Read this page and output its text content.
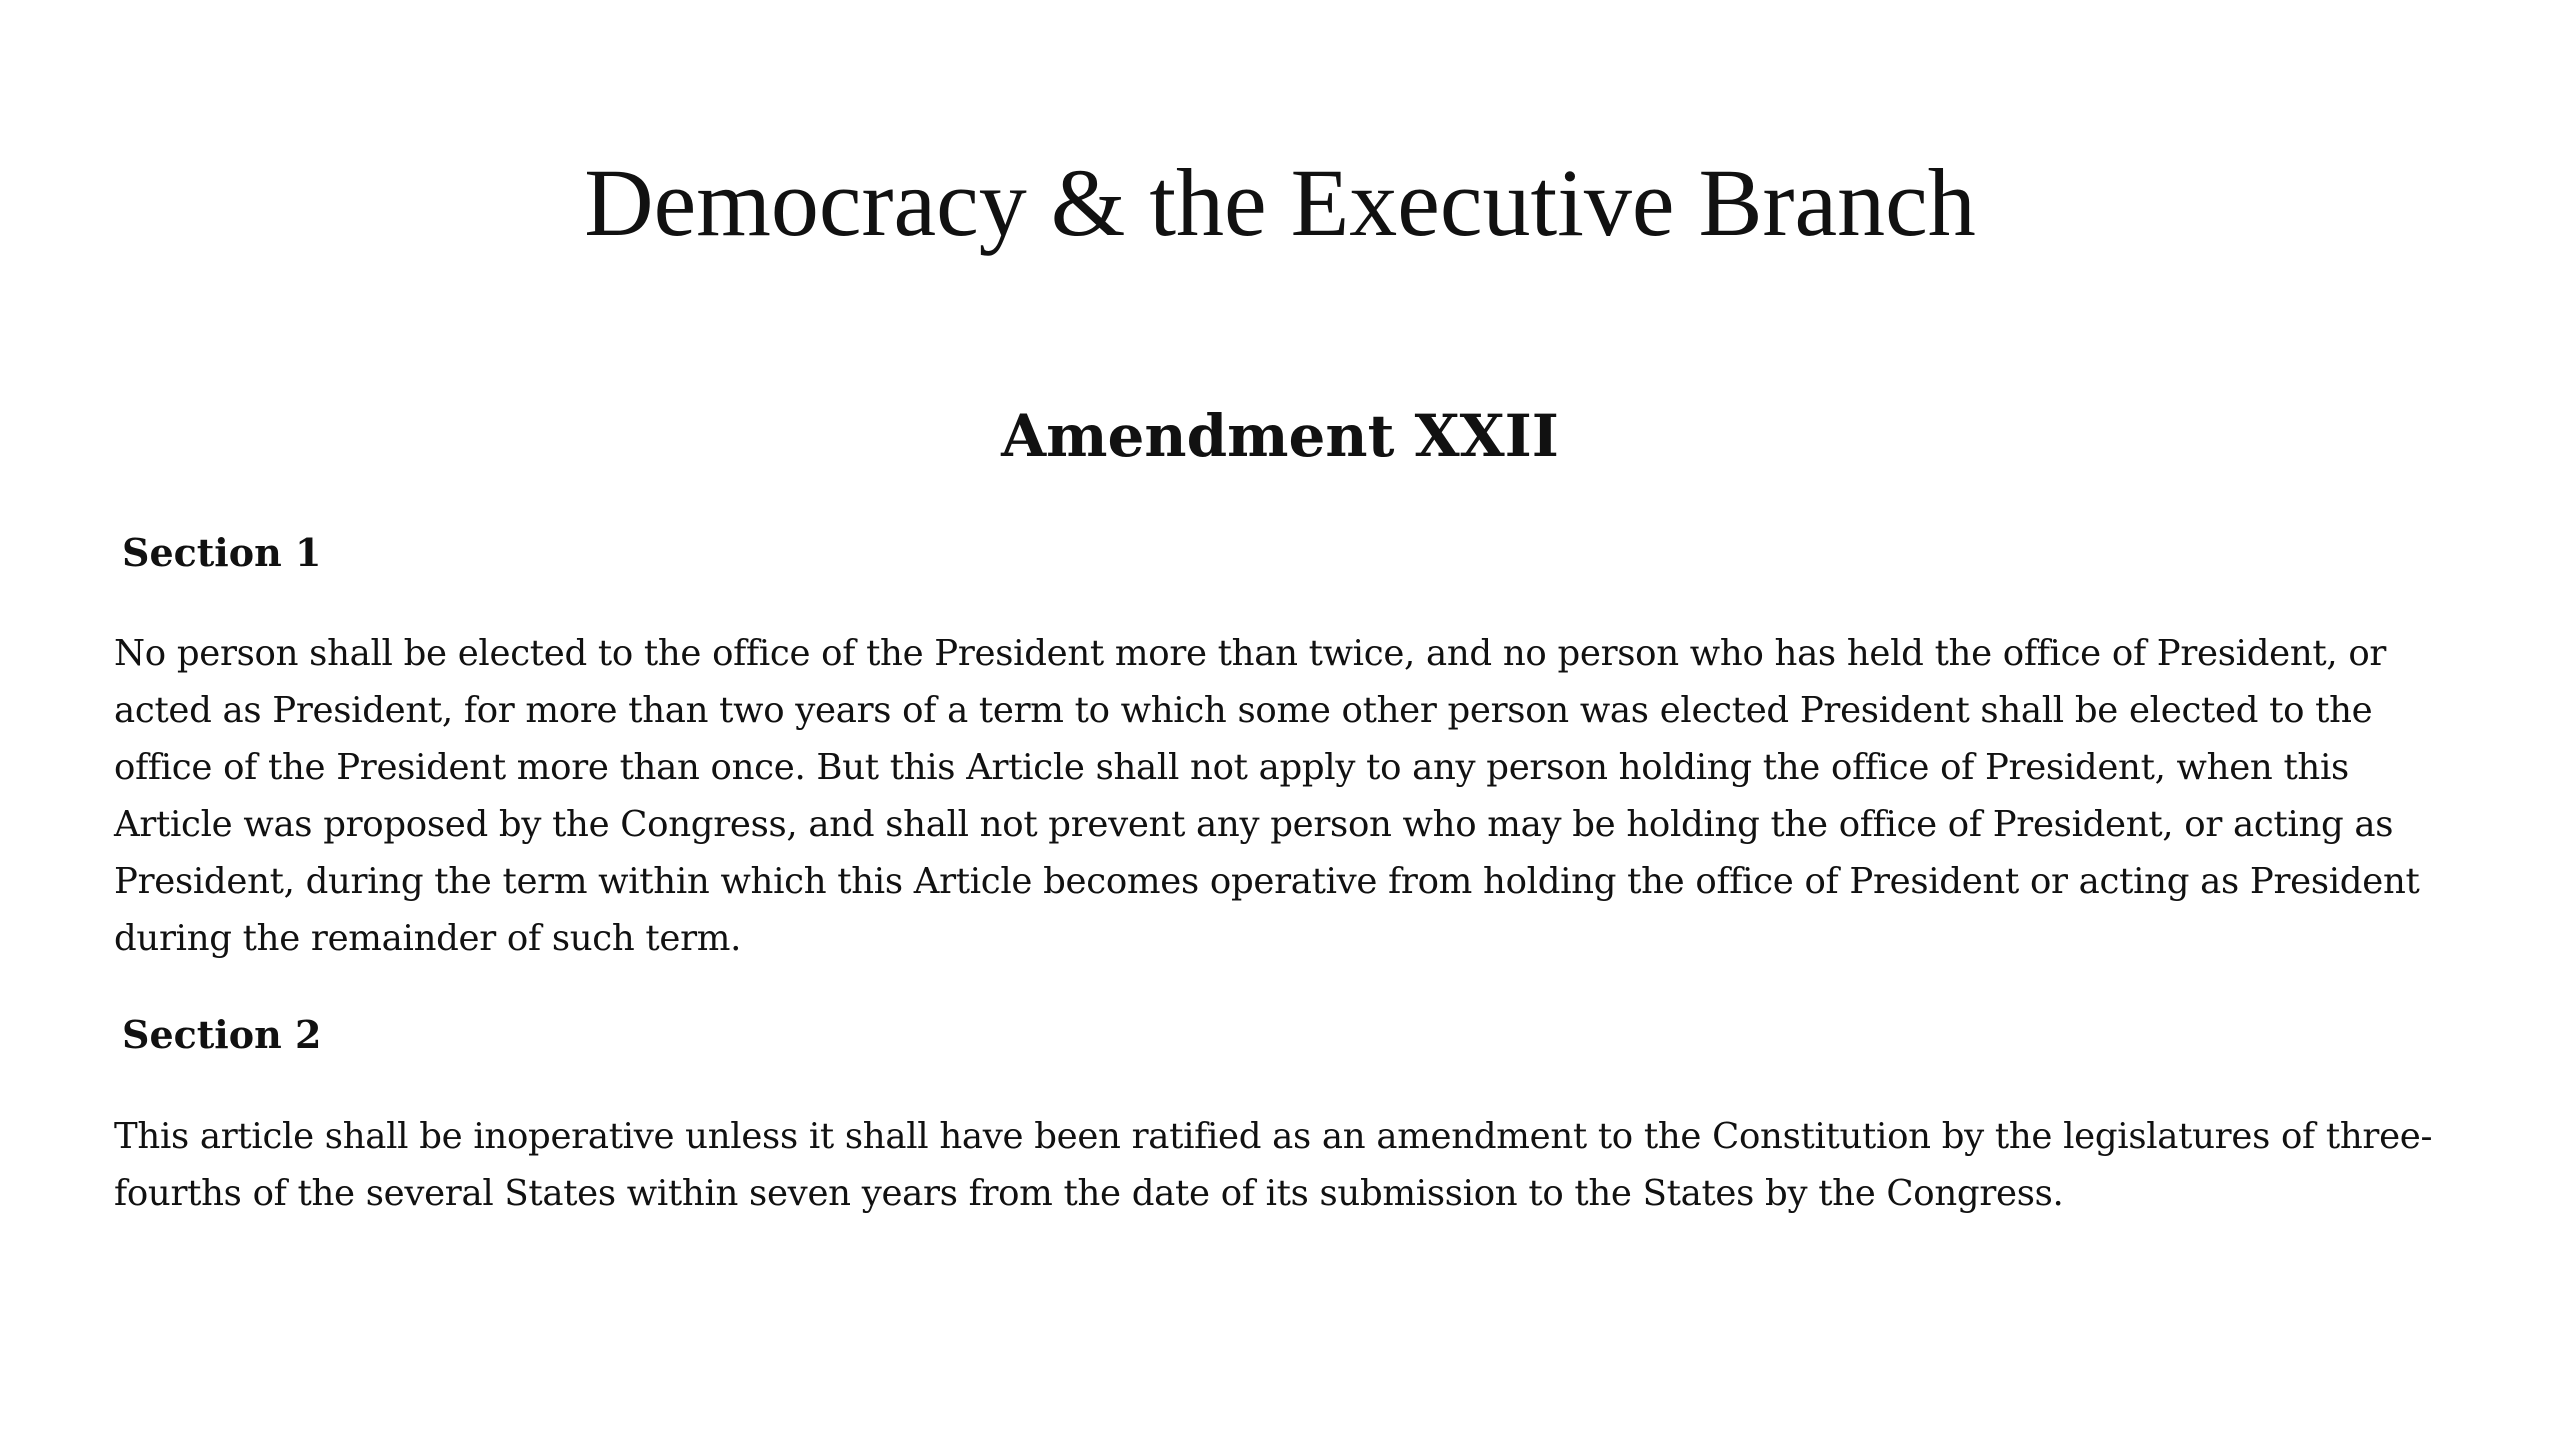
Democracy & the Executive Branch
Amendment XXII
Section 1

No person shall be elected to the office of the President more than twice, and no person who has held the office of President, or acted as President, for more than two years of a term to which some other person was elected President shall be elected to the office of the President more than once. But this Article shall not apply to any person holding the office of President, when this Article was proposed by the Congress, and shall not prevent any person who may be holding the office of President, or acting as President, during the term within which this Article becomes operative from holding the office of President or acting as President during the remainder of such term.

Section 2

This article shall be inoperative unless it shall have been ratified as an amendment to the Constitution by the legislatures of three-fourths of the several States within seven years from the date of its submission to the States by the Congress.
